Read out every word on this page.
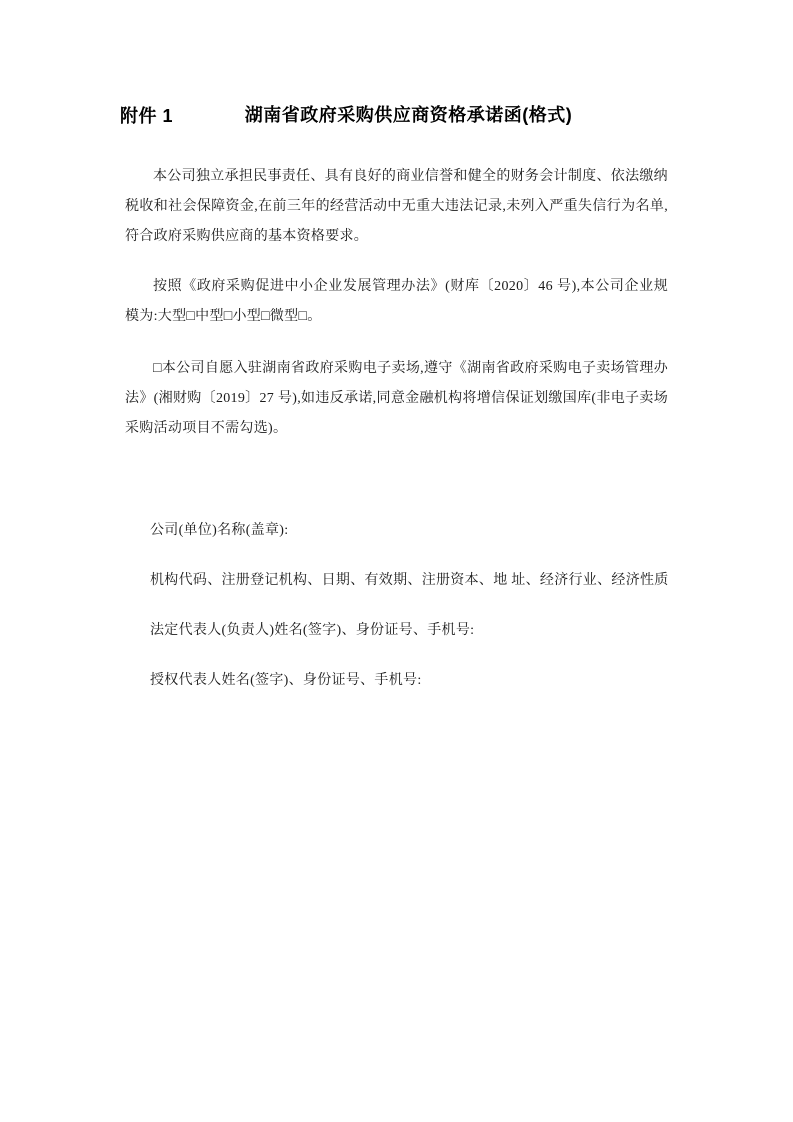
附件 1	湖南省政府采购供应商资格承诺函(格式)

本公司独立承担民事责任、具有良好的商业信誉和健全的财务会计制度、依法缴纳税收和社会保障资金,在前三年的经营活动中无重大违法记录,未列入严重失信行为名单,符合政府采购供应商的基本资格要求。

按照《政府采购促进中小企业发展管理办法》(财库〔2020〕46 号),本公司企业规模为:大型□中型□小型□微型□。

□本公司自愿入驻湖南省政府采购电子卖场,遵守《湖南省政府采购电子卖场管理办法》(湘财购〔2019〕27 号),如违反承诺,同意金融机构将增信保证划缴国库(非电子卖场采购活动项目不需勾选)。

公司(单位)名称(盖章):

机构代码、注册登记机构、日期、有效期、注册资本、地 址、经济行业、经济性质

法定代表人(负责人)姓名(签字)、身份证号、手机号:

授权代表人姓名(签字)、身份证号、手机号:
